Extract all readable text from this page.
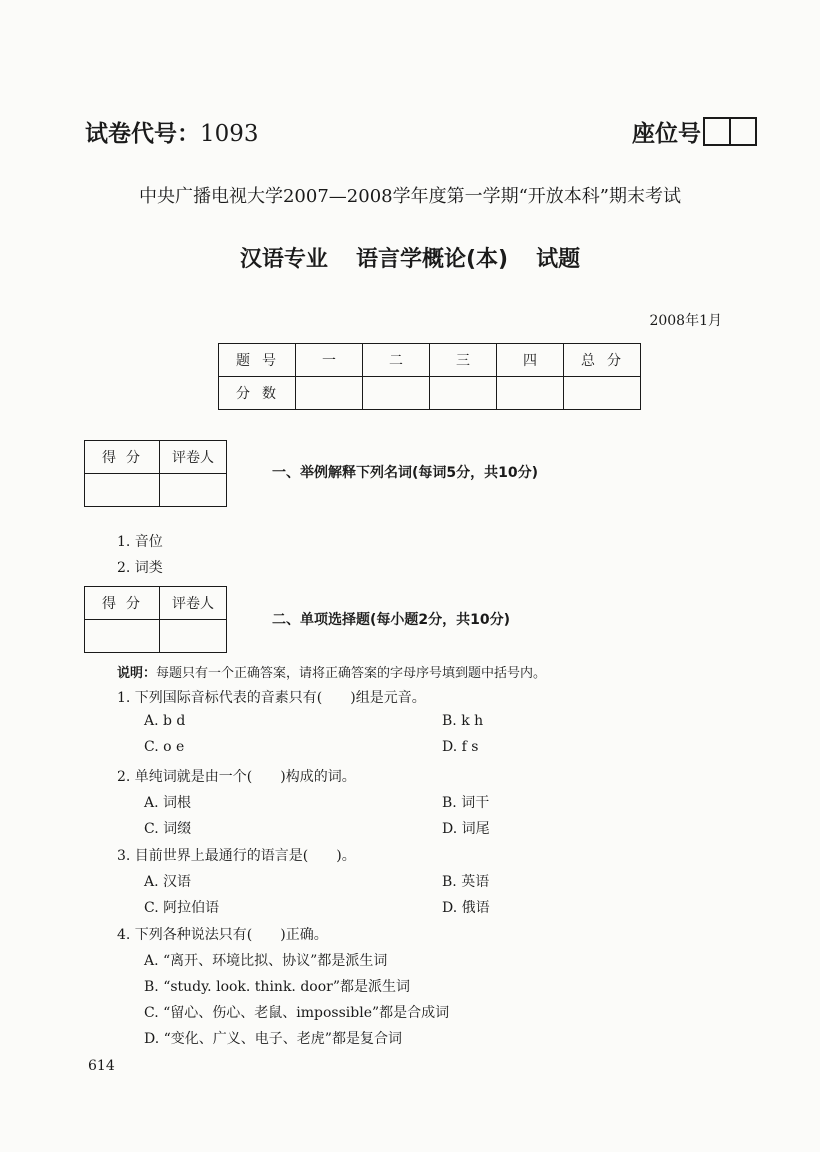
试卷代号：1093	座位号
中央广播电视大学2007—2008学年度第一学期“开放本科”期末考试
汉语专业 语言学概论(本) 试题
2008年1月
题号	一	二	三	四	总分
分数					
得分	评卷人

一、举例解释下列名词(每词5分，共10分)
1. 音位
2. 词类
得分	评卷人

二、单项选择题(每小题2分，共10分)
说明：每题只有一个正确答案，请将正确答案的字母序号填到题中括号内。
1. 下列国际音标代表的音素只有(　　)组是元音。
A. b d	B. k h
C. o e	D. f s
2. 单纯词就是由一个(　　)构成的词。
A. 词根	B. 词干
C. 词缀	D. 词尾
3. 目前世界上最通行的语言是(　　)。
A. 汉语	B. 英语
C. 阿拉伯语	D. 俄语
4. 下列各种说法只有(　　)正确。
A. “离开、环境比拟、协议”都是派生词
B. “study. look. think. door”都是派生词
C. “留心、伤心、老鼠、impossible”都是合成词
D. “变化、广义、电子、老虎”都是复合词
614
